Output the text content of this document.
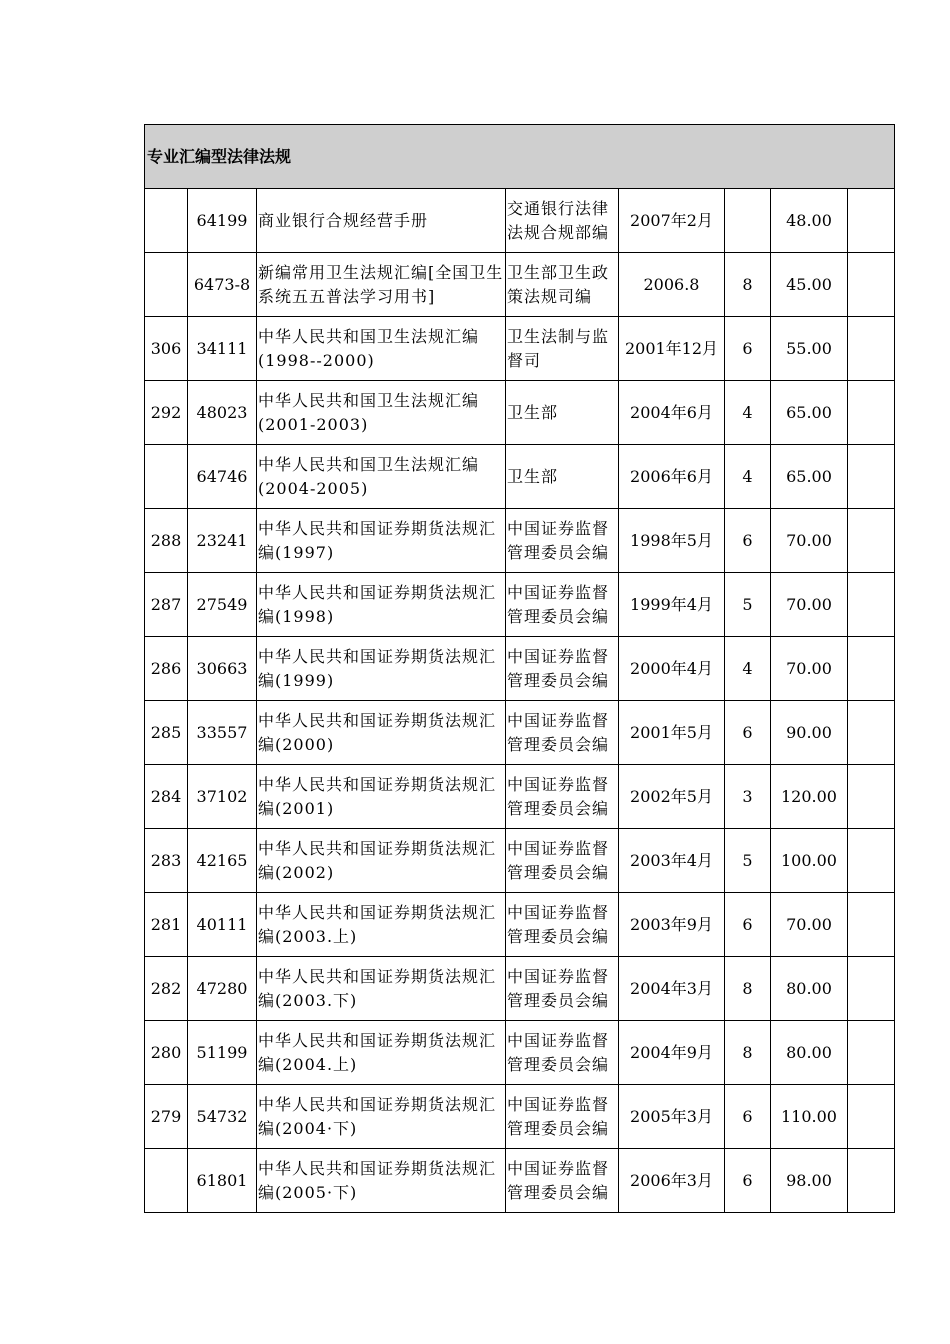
专业汇编型法律法规							
	64199	商业银行合规经营手册	交通银行法律法规合规部编	2007年2月		48.00	
	6473-8	新编常用卫生法规汇编[全国卫生系统五五普法学习用书]	卫生部卫生政策法规司编	2006.8	8	45.00	
306	34111	中华人民共和国卫生法规汇编(1998--2000)	卫生法制与监督司	2001年12月	6	55.00	
292	48023	中华人民共和国卫生法规汇编(2001-2003)	卫生部	2004年6月	4	65.00	
	64746	中华人民共和国卫生法规汇编(2004-2005)	卫生部	2006年6月	4	65.00	
288	23241	中华人民共和国证券期货法规汇编(1997)	中国证券监督管理委员会编	1998年5月	6	70.00	
287	27549	中华人民共和国证券期货法规汇编(1998)	中国证券监督管理委员会编	1999年4月	5	70.00	
286	30663	中华人民共和国证券期货法规汇编(1999)	中国证券监督管理委员会编	2000年4月	4	70.00	
285	33557	中华人民共和国证券期货法规汇编(2000)	中国证券监督管理委员会编	2001年5月	6	90.00	
284	37102	中华人民共和国证券期货法规汇编(2001)	中国证券监督管理委员会编	2002年5月	3	120.00	
283	42165	中华人民共和国证券期货法规汇编(2002)	中国证券监督管理委员会编	2003年4月	5	100.00	
281	40111	中华人民共和国证券期货法规汇编(2003.上)	中国证券监督管理委员会编	2003年9月	6	70.00	
282	47280	中华人民共和国证券期货法规汇编(2003.下)	中国证券监督管理委员会编	2004年3月	8	80.00	
280	51199	中华人民共和国证券期货法规汇编(2004.上)	中国证券监督管理委员会编	2004年9月	8	80.00	
279	54732	中华人民共和国证券期货法规汇编(2004·下)	中国证券监督管理委员会编	2005年3月	6	110.00	
	61801	中华人民共和国证券期货法规汇编(2005·下)	中国证券监督管理委员会编	2006年3月	6	98.00	
